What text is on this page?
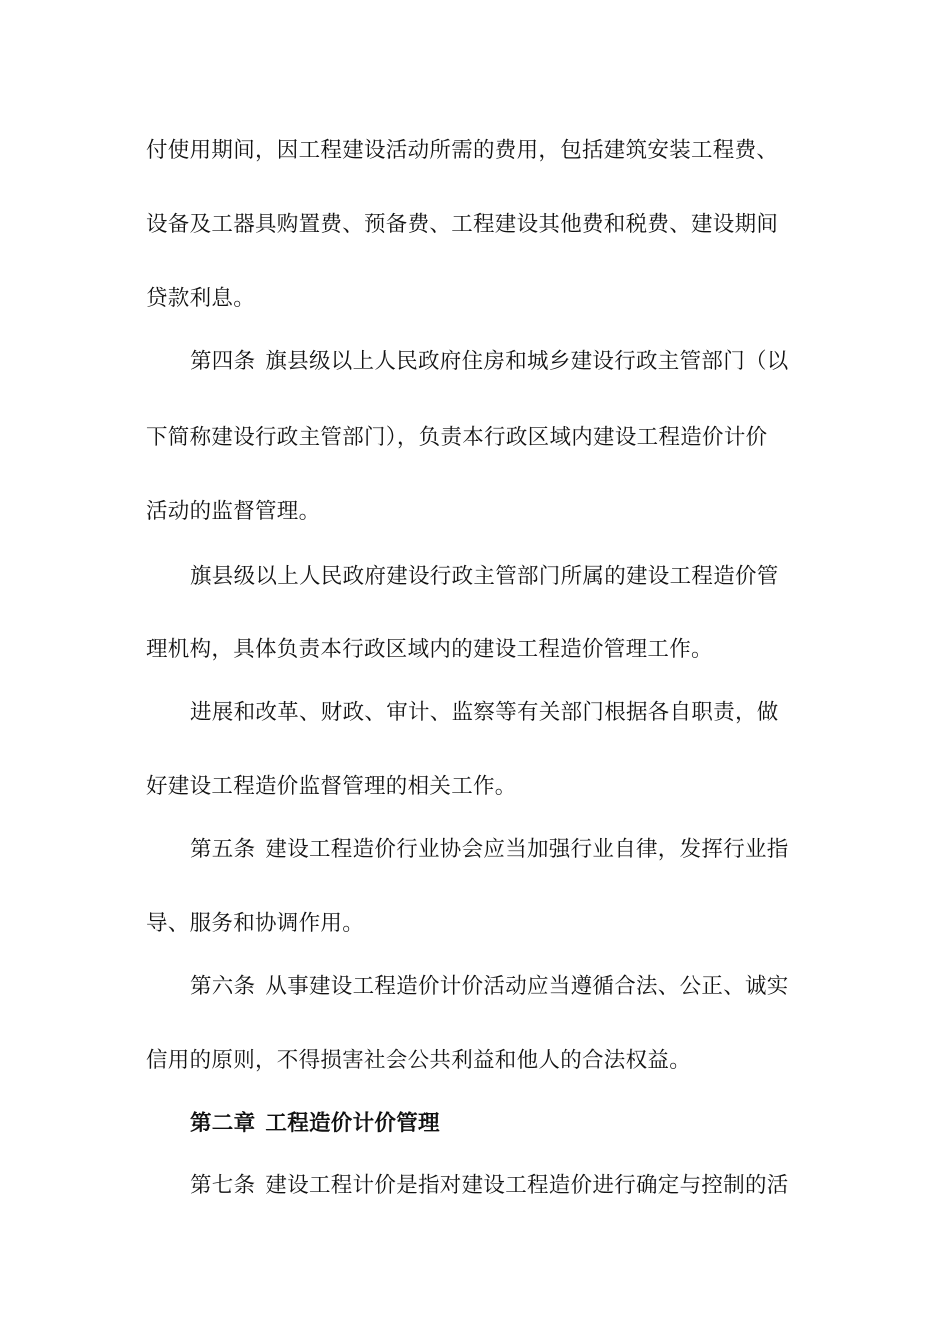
付使用期间，因工程建设活动所需的费用，包括建筑安装工程费、
设备及工器具购置费、预备费、工程建设其他费和税费、建设期间
贷款利息。
第四条 旗县级以上人民政府住房和城乡建设行政主管部门（以
下简称建设行政主管部门），负责本行政区域内建设工程造价计价
活动的监督管理。
旗县级以上人民政府建设行政主管部门所属的建设工程造价管
理机构，具体负责本行政区域内的建设工程造价管理工作。
进展和改革、财政、审计、监察等有关部门根据各自职责，做
好建设工程造价监督管理的相关工作。
第五条 建设工程造价行业协会应当加强行业自律，发挥行业指
导、服务和协调作用。
第六条 从事建设工程造价计价活动应当遵循合法、公正、诚实
信用的原则，不得损害社会公共利益和他人的合法权益。
第二章 工程造价计价管理
第七条 建设工程计价是指对建设工程造价进行确定与控制的活
